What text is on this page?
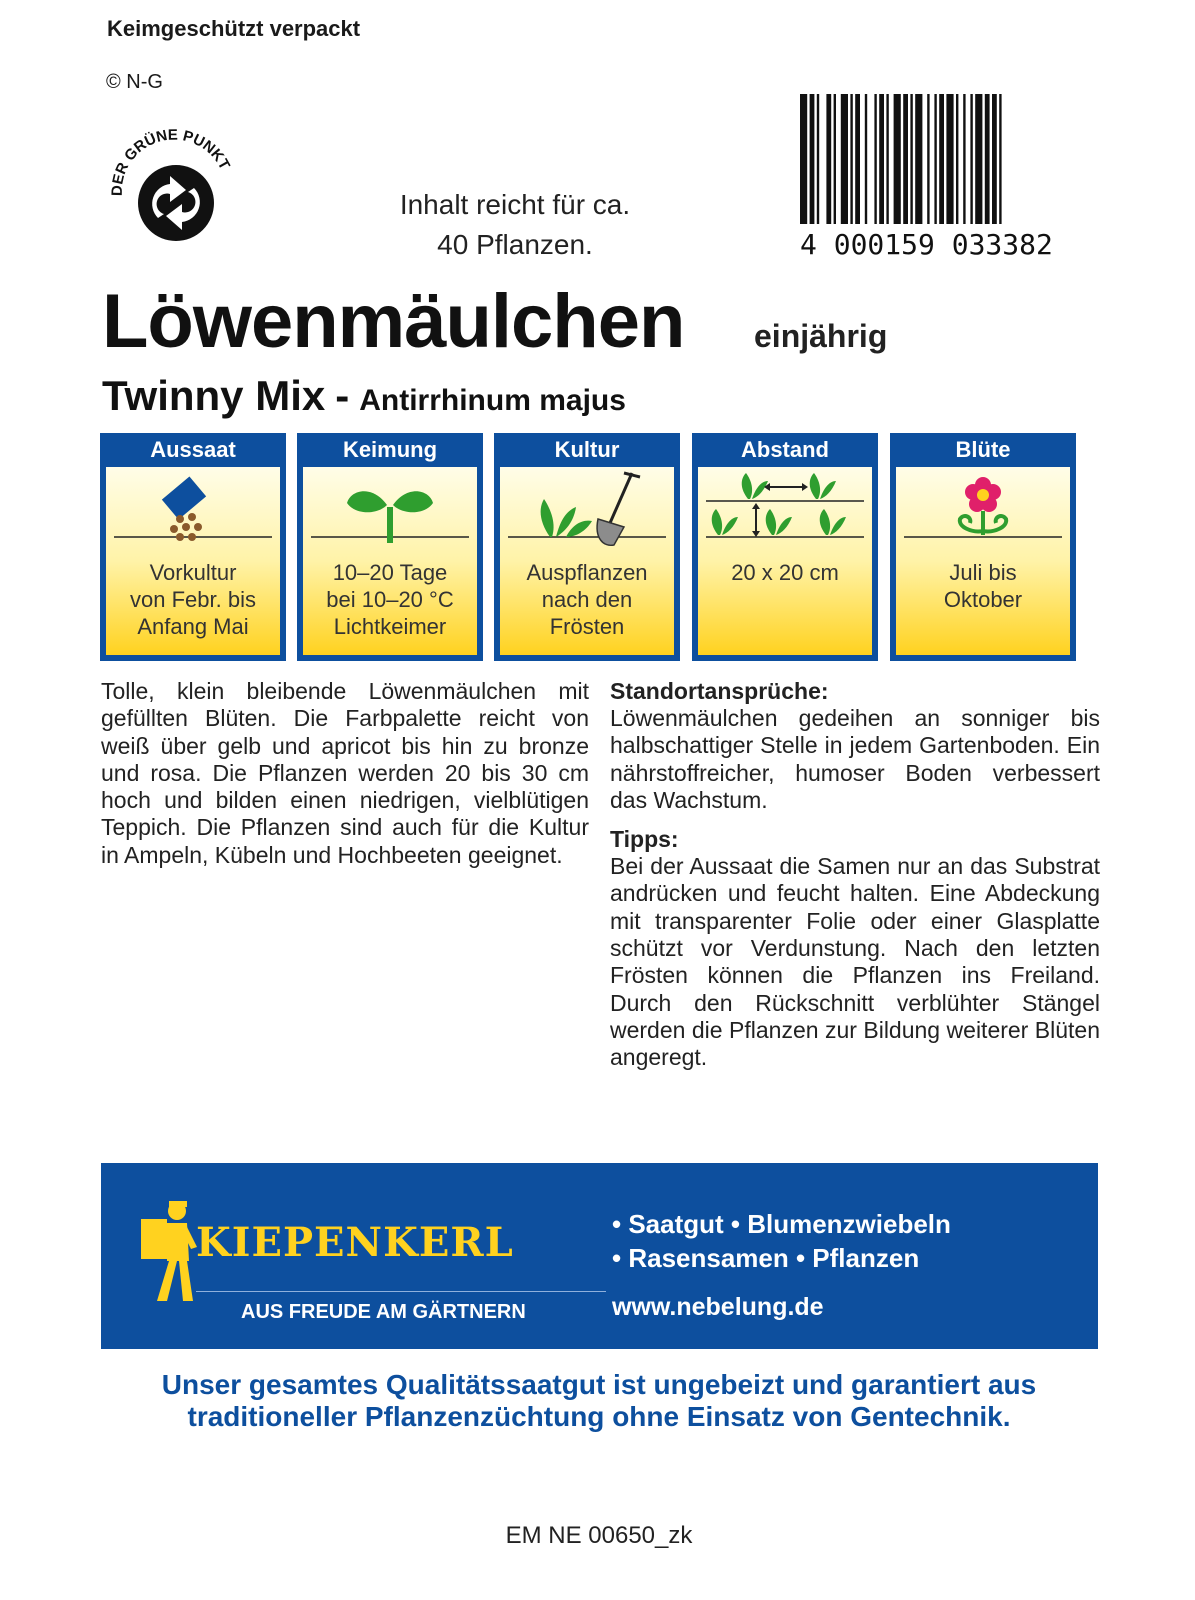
Keimgeschützt verpackt
© N-G
DER GRÜNE PUNKT
Inhalt reicht für ca.
40 Pflanzen.	4 000159 033382
Löwenmäulchen einjährig
Twinny Mix - Antirrhinum majus
Aussaat
Vorkultur
von Febr. bis
Anfang Mai
Keimung
10–20 Tage
bei 10–20 °C
Lichtkeimer
Kultur
Auspflanzen
nach den
Frösten
Abstand
20 x 20 cm
Blüte
Juli bis
Oktober

Tolle, klein bleibende Löwenmäulchen mit gefüllten Blüten. Die Farbpalette reicht von weiß über gelb und apricot bis hin zu bronze und rosa. Die Pflanzen werden 20 bis 30 cm hoch und bilden einen niedrigen, vielblütigen Teppich. Die Pflanzen sind auch für die Kultur in Ampeln, Kübeln und Hochbeeten geeignet.

Standortansprüche:

Löwenmäulchen gedeihen an sonniger bis halbschattiger Stelle in jedem Gartenboden. Ein nährstoffreicher, humoser Boden verbessert das Wachstum.

Tipps:

Bei der Aussaat die Samen nur an das Substrat andrücken und feucht halten. Eine Abdeckung mit transparenter Folie oder einer Glasplatte schützt vor Verdunstung. Nach den letzten Frösten können die Pflanzen ins Freiland. Durch den Rückschnitt verblühter Stängel werden die Pflanzen zur Bildung weiterer Blüten angeregt.

KIEPENKERL
AUS FREUDE AM GÄRTNERN
• Saatgut • Blumenzwiebeln
• Rasensamen • Pflanzen
www.nebelung.de
Unser gesamtes Qualitätssaatgut ist ungebeizt und garantiert aus
traditioneller Pflanzenzüchtung ohne Einsatz von Gentechnik.
EM NE 00650_zk
